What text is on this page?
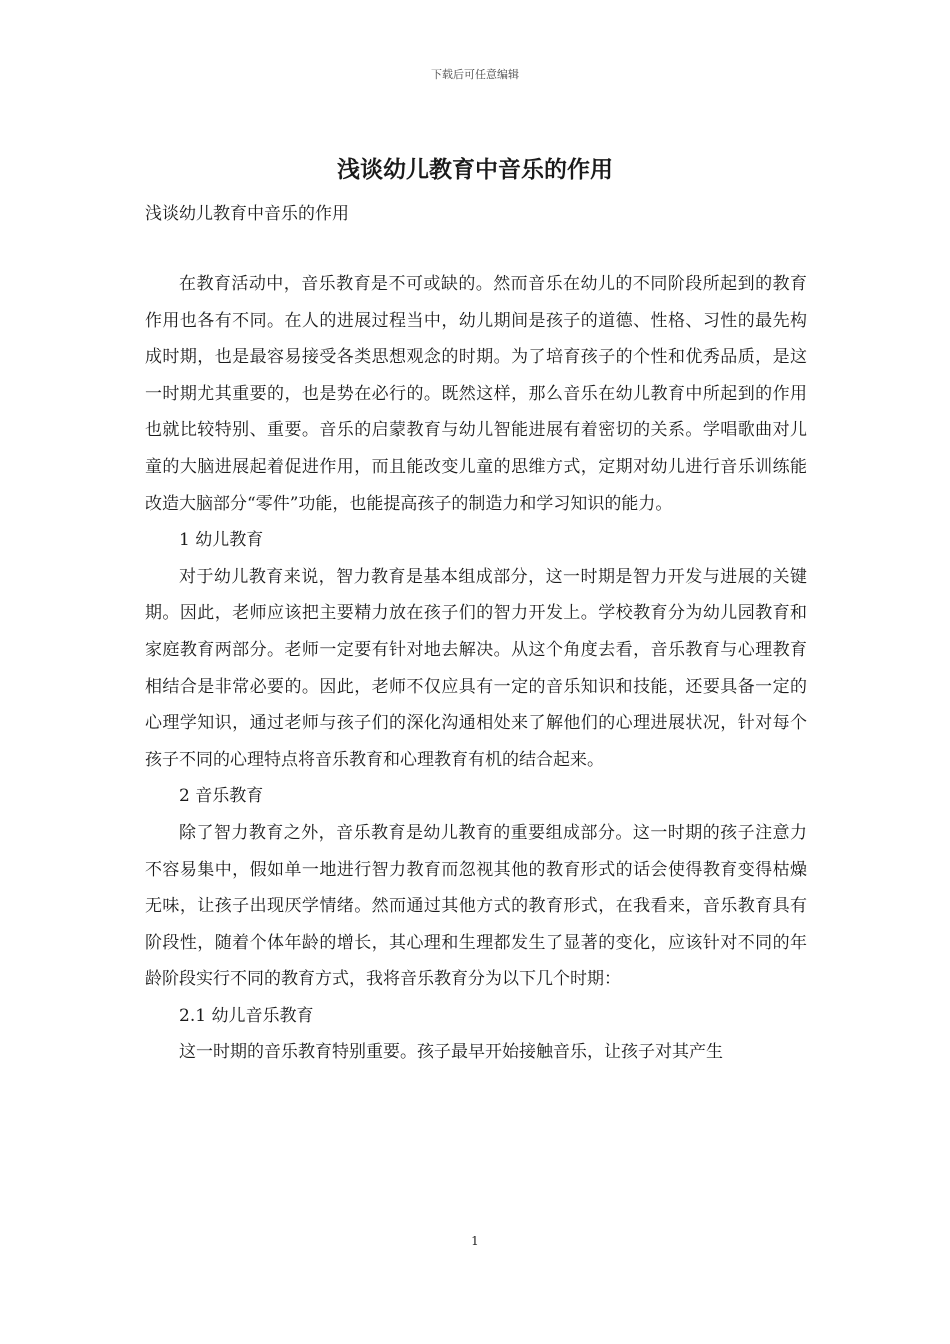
下载后可任意编辑
浅谈幼儿教育中音乐的作用

浅谈幼儿教育中音乐的作用

在教育活动中，音乐教育是不可或缺的。然而音乐在幼儿的不同阶段所起到的教育作用也各有不同。在人的进展过程当中，幼儿期间是孩子的道德、性格、习性的最先构成时期，也是最容易接受各类思想观念的时期。为了培育孩子的个性和优秀品质，是这一时期尤其重要的，也是势在必行的。既然这样，那么音乐在幼儿教育中所起到的作用也就比较特别、重要。音乐的启蒙教育与幼儿智能进展有着密切的关系。学唱歌曲对儿童的大脑进展起着促进作用，而且能改变儿童的思维方式，定期对幼儿进行音乐训练能改造大脑部分“零件”功能，也能提高孩子的制造力和学习知识的能力。

1 幼儿教育

对于幼儿教育来说，智力教育是基本组成部分，这一时期是智力开发与进展的关键期。因此，老师应该把主要精力放在孩子们的智力开发上。学校教育分为幼儿园教育和家庭教育两部分。老师一定要有针对地去解决。从这个角度去看，音乐教育与心理教育相结合是非常必要的。因此，老师不仅应具有一定的音乐知识和技能，还要具备一定的心理学知识，通过老师与孩子们的深化沟通相处来了解他们的心理进展状况，针对每个孩子不同的心理特点将音乐教育和心理教育有机的结合起来。

2 音乐教育

除了智力教育之外，音乐教育是幼儿教育的重要组成部分。这一时期的孩子注意力不容易集中，假如单一地进行智力教育而忽视其他的教育形式的话会使得教育变得枯燥无味，让孩子出现厌学情绪。然而通过其他方式的教育形式，在我看来，音乐教育具有阶段性，随着个体年龄的增长，其心理和生理都发生了显著的变化，应该针对不同的年龄阶段实行不同的教育方式，我将音乐教育分为以下几个时期：

2.1 幼儿音乐教育

这一时期的音乐教育特别重要。孩子最早开始接触音乐，让孩子对其产生

1
